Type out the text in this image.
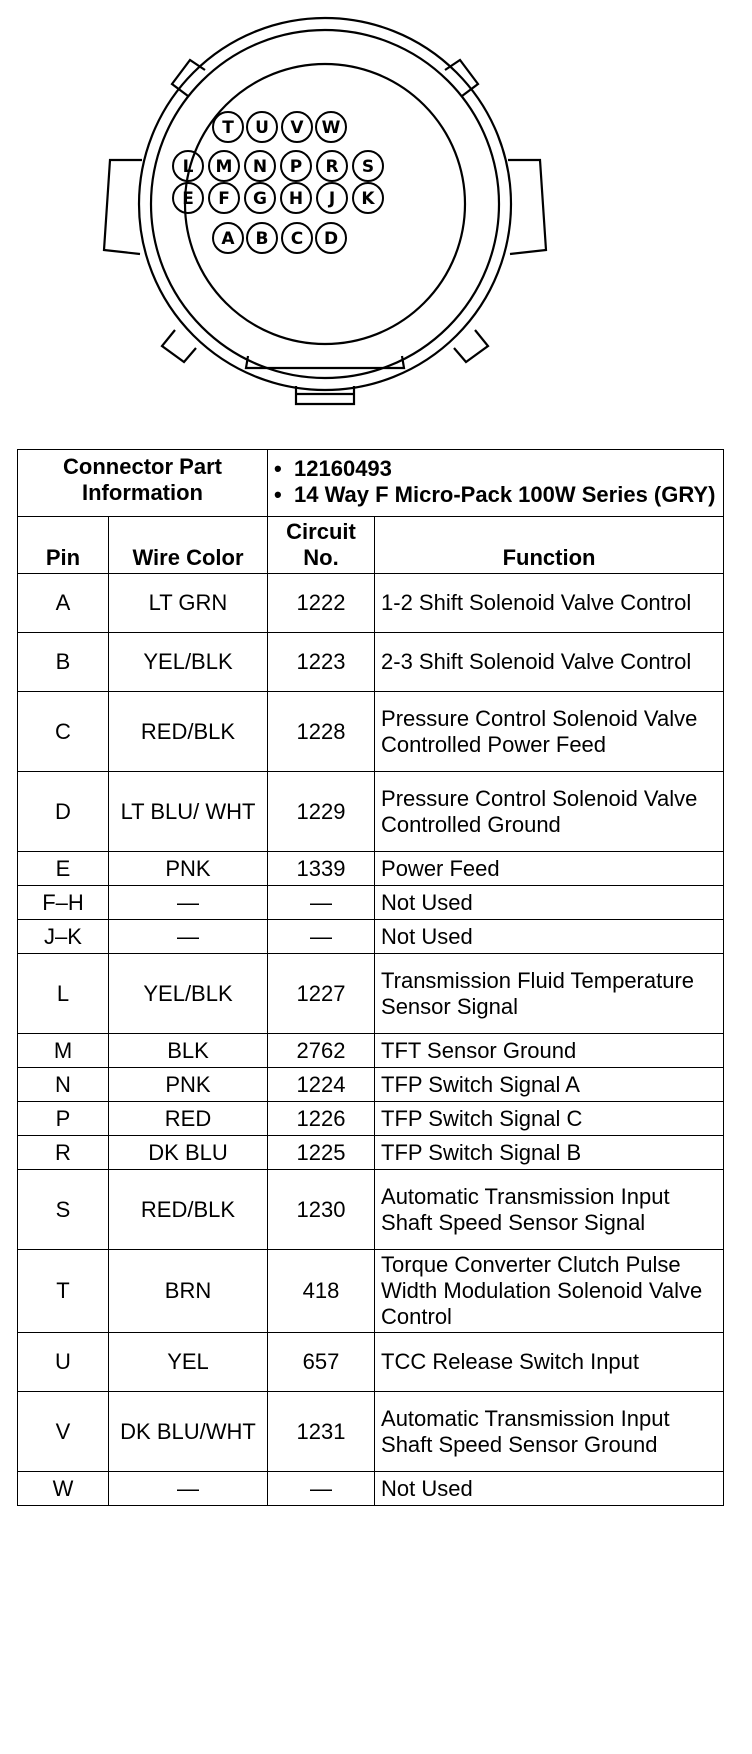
T U V W
L M N P R S
E F G H J K
A B C D
Connector Part Information		• 12160493
• 14 Way F Micro-Pack 100W Series (GRY)	

Pin	Wire Color	Circuit No.	Function
A	LT GRN	1222	1-2 Shift Solenoid Valve Control
B	YEL/BLK	1223	2-3 Shift Solenoid Valve Control
C	RED/BLK	1228	Pressure Control Solenoid Valve Controlled Power Feed
D	LT BLU/ WHT	1229	Pressure Control Solenoid Valve Controlled Ground
E	PNK	1339	Power Feed
F–H	—	—	Not Used
J–K	—	—	Not Used
L	YEL/BLK	1227	Transmission Fluid Temperature Sensor Signal
M	BLK	2762	TFT Sensor Ground
N	PNK	1224	TFP Switch Signal A
P	RED	1226	TFP Switch Signal C
R	DK BLU	1225	TFP Switch Signal B
S	RED/BLK	1230	Automatic Transmission Input Shaft Speed Sensor Signal
T	BRN	418	Torque Converter Clutch Pulse Width Modulation Solenoid Valve Control
U	YEL	657	TCC Release Switch Input
V	DK BLU/WHT	1231	Automatic Transmission Input Shaft Speed Sensor Ground
W	—	—	Not Used
